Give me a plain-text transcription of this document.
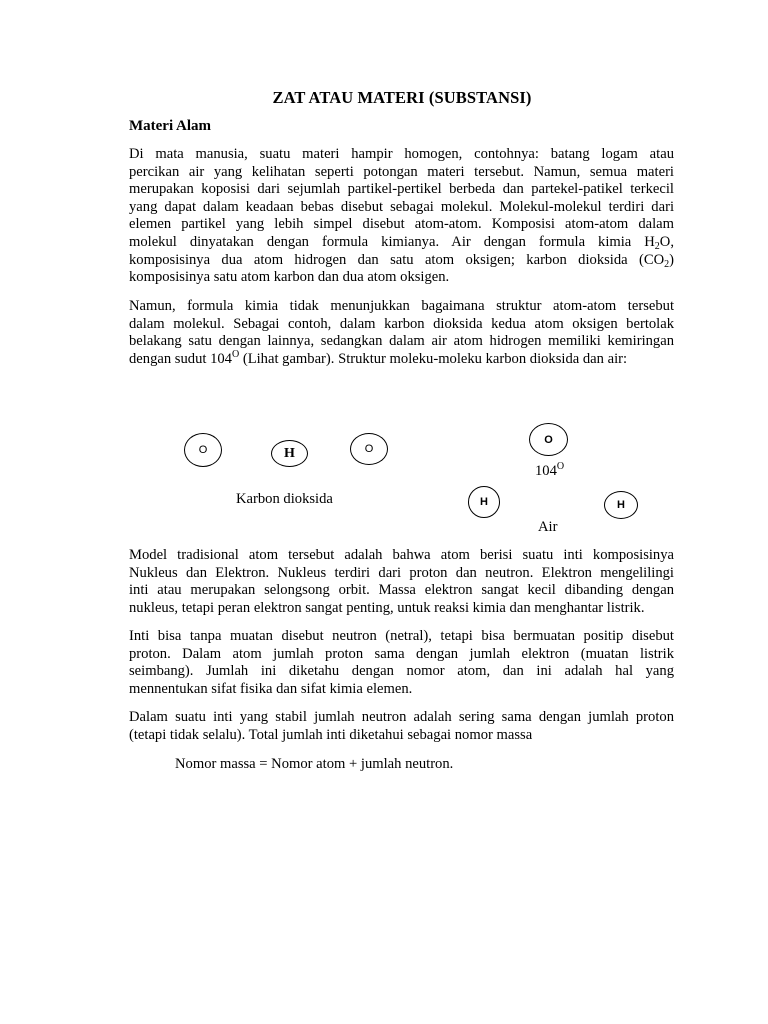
ZAT ATAU MATERI (SUBSTANSI)
Materi Alam
Di mata manusia, suatu materi hampir homogen, contohnya: batang logam atau
percikan air yang kelihatan seperti potongan materi tersebut. Namun, semua materi
merupakan koposisi dari sejumlah partikel-pertikel berbeda dan partekel-patikel terkecil
yang dapat dalam keadaan bebas disebut sebagai molekul. Molekul-molekul terdiri dari
elemen partikel yang lebih simpel disebut atom-atom. Komposisi atom-atom dalam
molekul dinyatakan dengan formula kimianya. Air dengan formula kimia $H_2O$,
komposisinya dua atom hidrogen dan satu atom oksigen; karbon dioksida $(CO_2)$
komposisinya satu atom karbon dan dua atom oksigen.
Namun, formula kimia tidak menunjukkan bagaimana struktur atom-atom tersebut
dalam molekul. Sebagai contoh, dalam karbon dioksida kedua atom oksigen bertolak
belakang satu dengan lainnya, sedangkan dalam air atom hidrogen memiliki kemiringan
dengan sudut $104^O$ (Lihat gambar). Struktur moleku-moleku karbon dioksida dan air:
O	H	O
Karbon dioksida
O
$104^O$
H	H
Air
Model tradisional atom tersebut adalah bahwa atom berisi suatu inti komposisinya
Nukleus dan Elektron. Nukleus terdiri dari proton dan neutron. Elektron mengelilingi
inti atau merupakan selongsong orbit. Massa elektron sangat kecil dibanding dengan
nukleus, tetapi peran elektron sangat penting, untuk reaksi kimia dan menghantar listrik.
Inti bisa tanpa muatan disebut neutron (netral), tetapi bisa bermuatan positip disebut
proton. Dalam atom jumlah proton sama dengan jumlah elektron (muatan listrik
seimbang). Jumlah ini diketahu dengan nomor atom, dan ini adalah hal yang
mennentukan sifat fisika dan sifat kimia elemen.
Dalam suatu inti yang stabil jumlah neutron adalah sering sama dengan jumlah proton
(tetapi tidak selalu). Total jumlah inti diketahui sebagai nomor massa
Nomor massa = Nomor atom + jumlah neutron.
